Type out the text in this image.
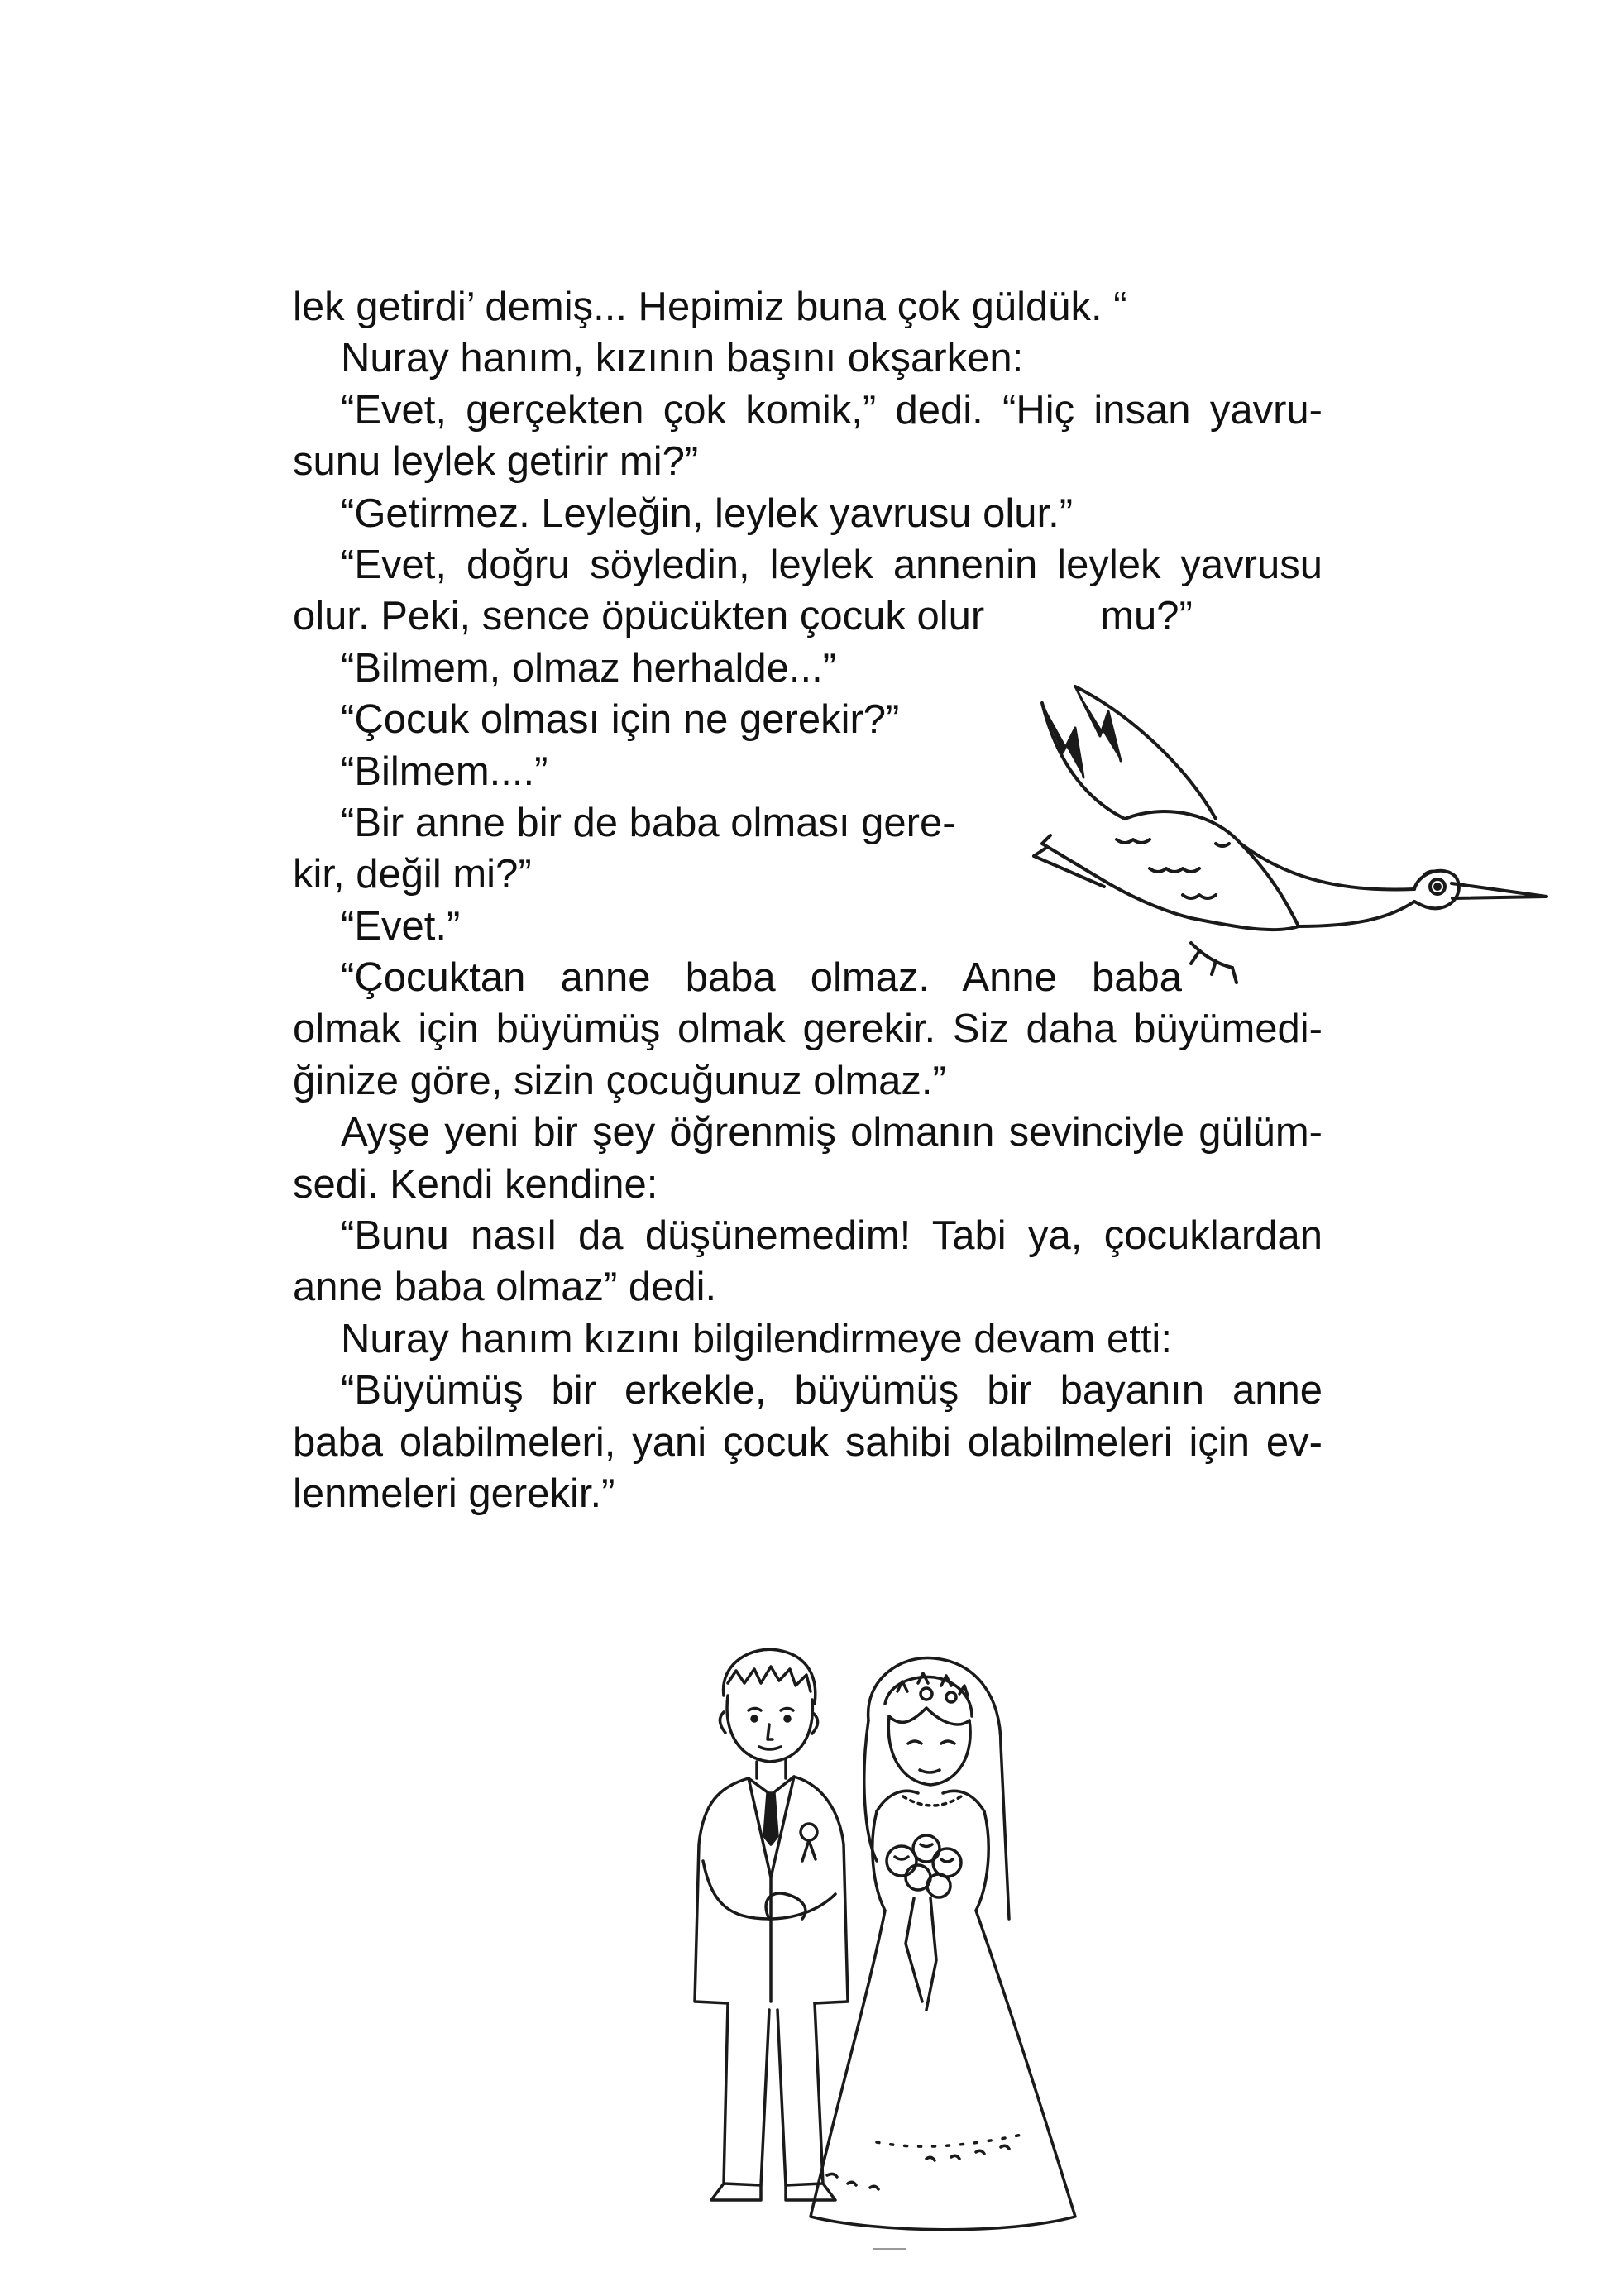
lek getirdi’ demiş... Hepimiz buna çok güldük. “
Nuray hanım, kızının başını okşarken:
“Evet, gerçekten çok komik,” dedi. “Hiç insan yavru-
sunu leylek getirir mi?”
“Getirmez. Leyleğin, leylek yavrusu olur.”
“Evet, doğru söyledin, leylek annenin leylek yavrusu
olur. Peki, sence öpücükten çocuk olur	mu?”
“Bilmem, olmaz herhalde...”
“Çocuk olması için ne gerekir?”
“Bilmem....”
“Bir anne bir de baba olması gere-
kir, değil mi?”
“Evet.”
“Çocuktan anne baba olmaz. Anne baba
olmak için büyümüş olmak gerekir. Siz daha büyümedi-
ğinize göre, sizin çocuğunuz olmaz.”
Ayşe yeni bir şey öğrenmiş olmanın sevinciyle gülüm-
sedi. Kendi kendine:
“Bunu nasıl da düşünemedim! Tabi ya, çocuklardan
anne baba olmaz” dedi.
Nuray hanım kızını bilgilendirmeye devam etti:
“Büyümüş bir erkekle, büyümüş bir bayanın anne
baba olabilmeleri, yani çocuk sahibi olabilmeleri için ev-
lenmeleri gerekir.”
